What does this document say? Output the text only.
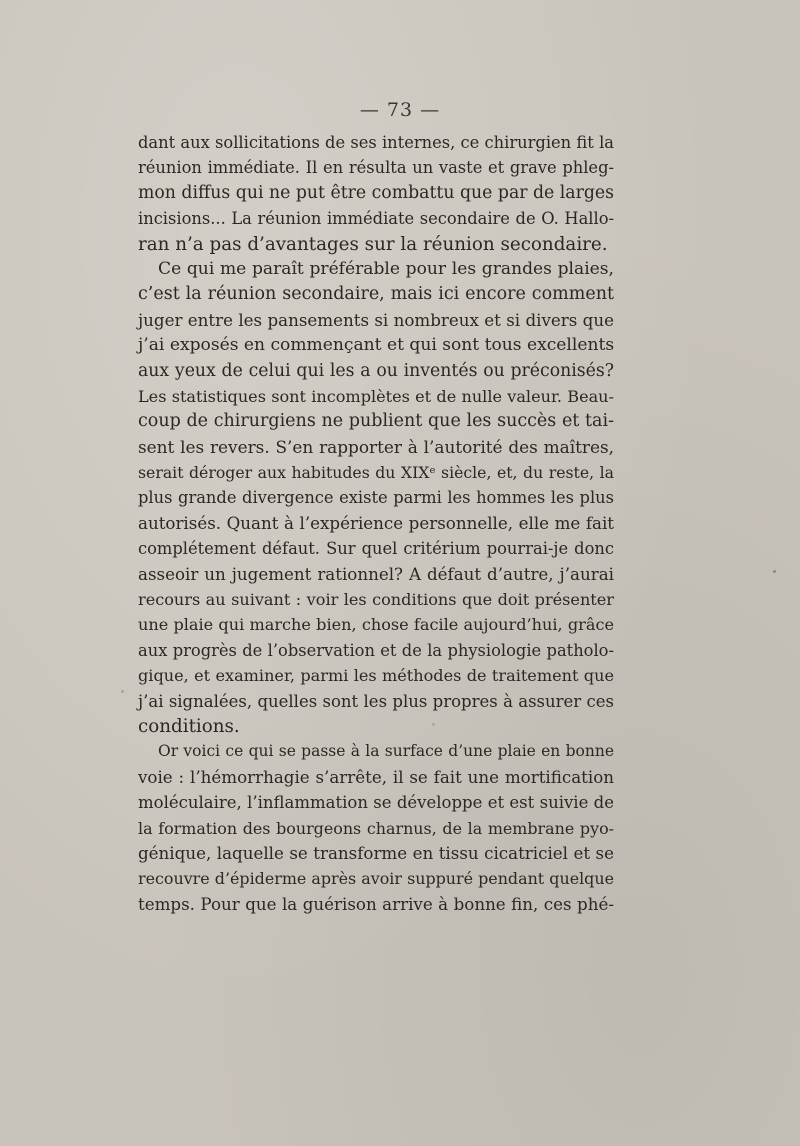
— 73 —
dant aux sollicitations de ses internes, ce chirurgien fit la
réunion immédiate. Il en résulta un vaste et grave phleg-
mon diffus qui ne put être combattu que par de larges
incisions... La réunion immédiate secondaire de O. Hallo-
ran n’a pas d’avantages sur la réunion secondaire.
Ce qui me paraît préférable pour les grandes plaies,
c’est la réunion secondaire, mais ici encore comment
juger entre les pansements si nombreux et si divers que
j’ai exposés en commençant et qui sont tous excellents
aux yeux de celui qui les a ou inventés ou préconisés?
Les statistiques sont incomplètes et de nulle valeur. Beau-
coup de chirurgiens ne publient que les succès et tai-
sent les revers. S’en rapporter à l’autorité des maîtres,
serait déroger aux habitudes du XIXᵉ siècle, et, du reste, la
plus grande divergence existe parmi les hommes les plus
autorisés. Quant à l’expérience personnelle, elle me fait
complétement défaut. Sur quel critérium pourrai-je donc
asseoir un jugement rationnel? A défaut d’autre, j’aurai
recours au suivant : voir les conditions que doit présenter
une plaie qui marche bien, chose facile aujourd’hui, grâce
aux progrès de l’observation et de la physiologie patholo-
gique, et examiner, parmi les méthodes de traitement que
j’ai signalées, quelles sont les plus propres à assurer ces
conditions.
Or voici ce qui se passe à la surface d’une plaie en bonne
voie : l’hémorrhagie s’arrête, il se fait une mortification
moléculaire, l’inflammation se développe et est suivie de
la formation des bourgeons charnus, de la membrane pyo-
génique, laquelle se transforme en tissu cicatriciel et se
recouvre d’épiderme après avoir suppuré pendant quelque
temps. Pour que la guérison arrive à bonne fin, ces phé-
